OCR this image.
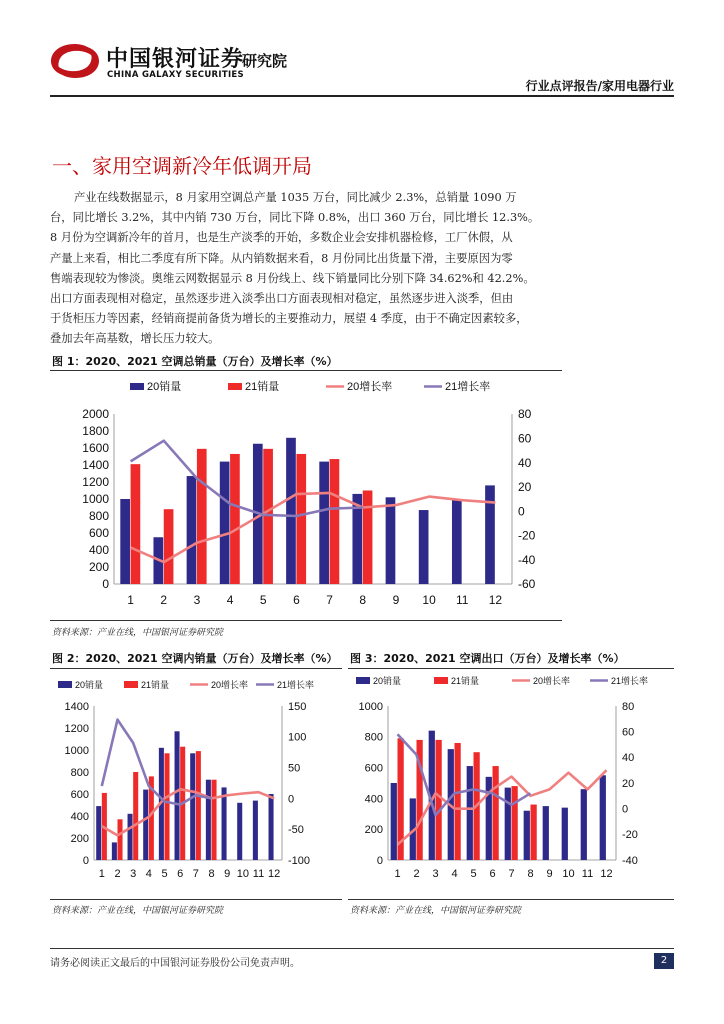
中国银河证券
CHINA GALAXY SECURITIES
研究院
行业点评报告/家用电器行业
一、家用空调新冷年低调开局
产业在线数据显示，8 月家用空调总产量 1035 万台，同比减少 2.3%，总销量 1090 万
台，同比增长 3.2%，其中内销 730 万台，同比下降 0.8%，出口 360 万台，同比增长 12.3%。
8 月份为空调新冷年的首月，也是生产淡季的开始，多数企业会安排机器检修，工厂休假，从
产量上来看，相比二季度有所下降。从内销数据来看，8 月份同比出货量下滑，主要原因为零
售端表现较为惨淡。奥维云网数据显示 8 月份线上、线下销量同比分别下降 34.62%和 42.2%。
出口方面表现相对稳定，虽然逐步进入淡季出口方面表现相对稳定，虽然逐步进入淡季，但由
于货柜压力等因素，经销商提前备货为增长的主要推动力，展望 4 季度，由于不确定因素较多，
叠加去年高基数，增长压力较大。
图 1：2020、2021 空调总销量（万台）及增长率（%）
20销量	21销量	20增长率	21增长率
0
200
400
600
800
1000
1200
1400
1600
1800
2000
-60
-40
-20
0
20
40
60
80
1 2 3 4 5 6 7 8 9 10 11 12
资料来源：产业在线，中国银河证券研究院
图 2：2020、2021 空调内销量（万台）及增长率（%）
20销量	21销量	20增长率	21增长率
0
200
400
600
800
1000
1200
1400
-100
-50
0
50
100
150
1 2 3 4 5 6 7 8 9 10 11 12
资料来源：产业在线，中国银河证券研究院
图 3：2020、2021 空调出口（万台）及增长率（%）
20销量	21销量	20增长率	21增长率
0
200
400
600
800
1000
-40
-20
0
20
40
60
80
1 2 3 4 5 6 7 8 9 10 11 12
资料来源：产业在线，中国银河证券研究院
请务必阅读正文最后的中国银河证券股份公司免责声明。	2
